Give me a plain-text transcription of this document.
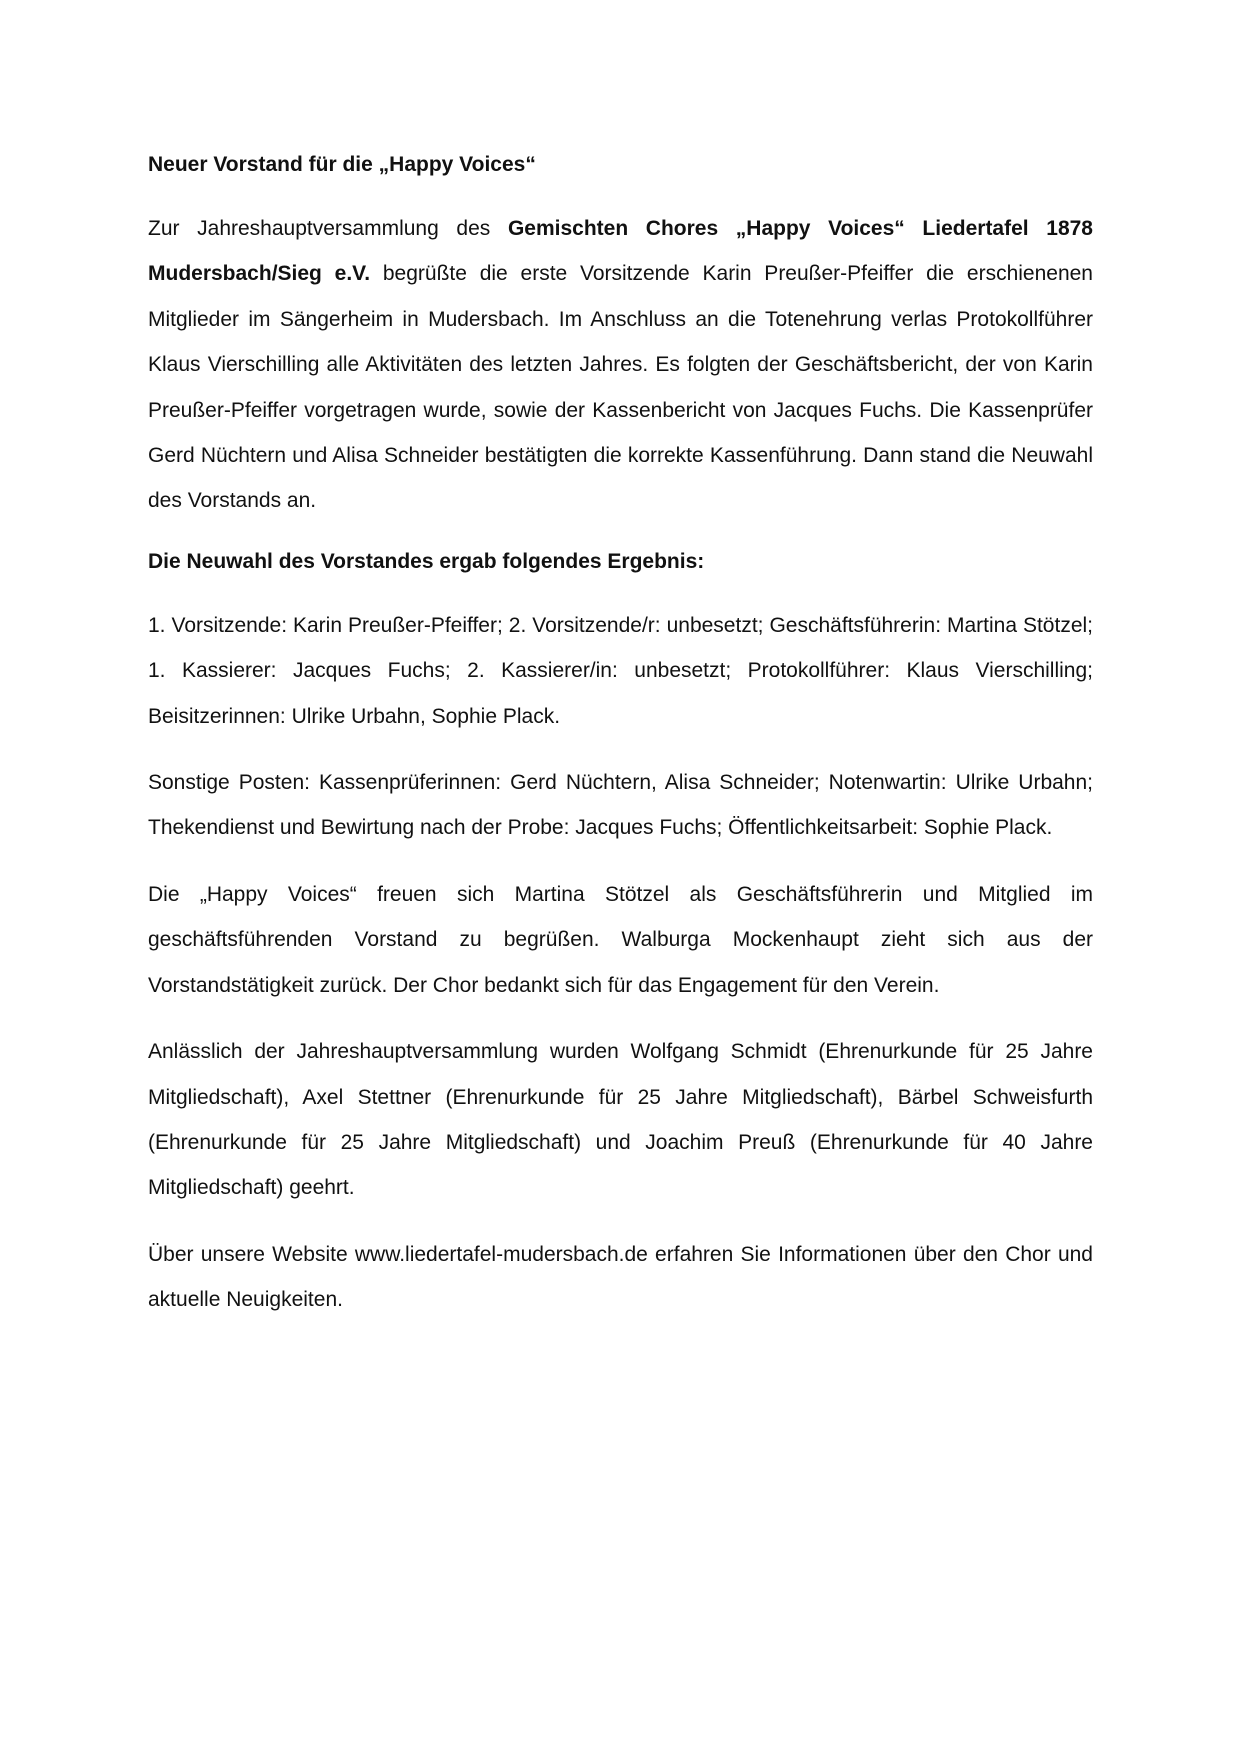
Neuer Vorstand für die „Happy Voices“

Zur Jahreshauptversammlung des Gemischten Chores „Happy Voices“ Liedertafel 1878 Mudersbach/Sieg e.V. begrüßte die erste Vorsitzende Karin Preußer-Pfeiffer die erschienenen Mitglieder im Sängerheim in Mudersbach. Im Anschluss an die Totenehrung verlas Protokollführer Klaus Vierschilling alle Aktivitäten des letzten Jahres. Es folgten der Geschäftsbericht, der von Karin Preußer-Pfeiffer vorgetragen wurde, sowie der Kassenbericht von Jacques Fuchs. Die Kassenprüfer Gerd Nüchtern und Alisa Schneider bestätigten die korrekte Kassenführung. Dann stand die Neuwahl des Vorstands an.

Die Neuwahl des Vorstandes ergab folgendes Ergebnis:

1. Vorsitzende: Karin Preußer-Pfeiffer; 2. Vorsitzende/r: unbesetzt; Geschäftsführerin: Martina Stötzel; 1. Kassierer: Jacques Fuchs; 2. Kassierer/in: unbesetzt; Protokollführer: Klaus Vierschilling; Beisitzerinnen: Ulrike Urbahn, Sophie Plack.

Sonstige Posten: Kassenprüferinnen: Gerd Nüchtern, Alisa Schneider; Notenwartin: Ulrike Urbahn; Thekendienst und Bewirtung nach der Probe: Jacques Fuchs; Öffentlichkeitsarbeit: Sophie Plack.

Die „Happy Voices“ freuen sich Martina Stötzel als Geschäftsführerin und Mitglied im geschäftsführenden Vorstand zu begrüßen. Walburga Mockenhaupt zieht sich aus der Vorstandstätigkeit zurück. Der Chor bedankt sich für das Engagement für den Verein.

Anlässlich der Jahreshauptversammlung wurden Wolfgang Schmidt (Ehrenurkunde für 25 Jahre Mitgliedschaft), Axel Stettner (Ehrenurkunde für 25 Jahre Mitgliedschaft), Bärbel Schweisfurth (Ehrenurkunde für 25 Jahre Mitgliedschaft) und Joachim Preuß (Ehrenurkunde für 40 Jahre Mitgliedschaft) geehrt.

Über unsere Website www.liedertafel-mudersbach.de erfahren Sie Informationen über den Chor und aktuelle Neuigkeiten.
